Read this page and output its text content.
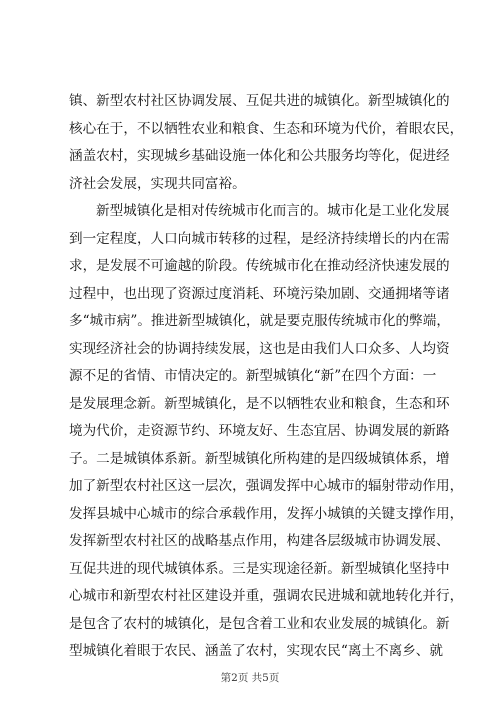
镇、新型农村社区协调发展、互促共进的城镇化。新型城镇化的
核心在于，不以牺牲农业和粮食、生态和环境为代价，着眼农民，
涵盖农村，实现城乡基础设施一体化和公共服务均等化，促进经
济社会发展，实现共同富裕。
新型城镇化是相对传统城市化而言的。城市化是工业化发展
到一定程度，人口向城市转移的过程，是经济持续增长的内在需
求，是发展不可逾越的阶段。传统城市化在推动经济快速发展的
过程中，也出现了资源过度消耗、环境污染加剧、交通拥堵等诸
多“城市病”。推进新型城镇化，就是要克服传统城市化的弊端，
实现经济社会的协调持续发展，这也是由我们人口众多、人均资
源不足的省情、市情决定的。新型城镇化“新”在四个方面：一
是发展理念新。新型城镇化，是不以牺牲农业和粮食，生态和环
境为代价，走资源节约、环境友好、生态宜居、协调发展的新路
子。二是城镇体系新。新型城镇化所构建的是四级城镇体系，增
加了新型农村社区这一层次，强调发挥中心城市的辐射带动作用，
发挥县城中心城市的综合承载作用，发挥小城镇的关键支撑作用，
发挥新型农村社区的战略基点作用，构建各层级城市协调发展、
互促共进的现代城镇体系。三是实现途径新。新型城镇化坚持中
心城市和新型农村社区建设并重，强调农民进城和就地转化并行，
是包含了农村的城镇化，是包含着工业和农业发展的城镇化。新
型城镇化着眼于农民、涵盖了农村，实现农民“离土不离乡、就
第2页 共5页
